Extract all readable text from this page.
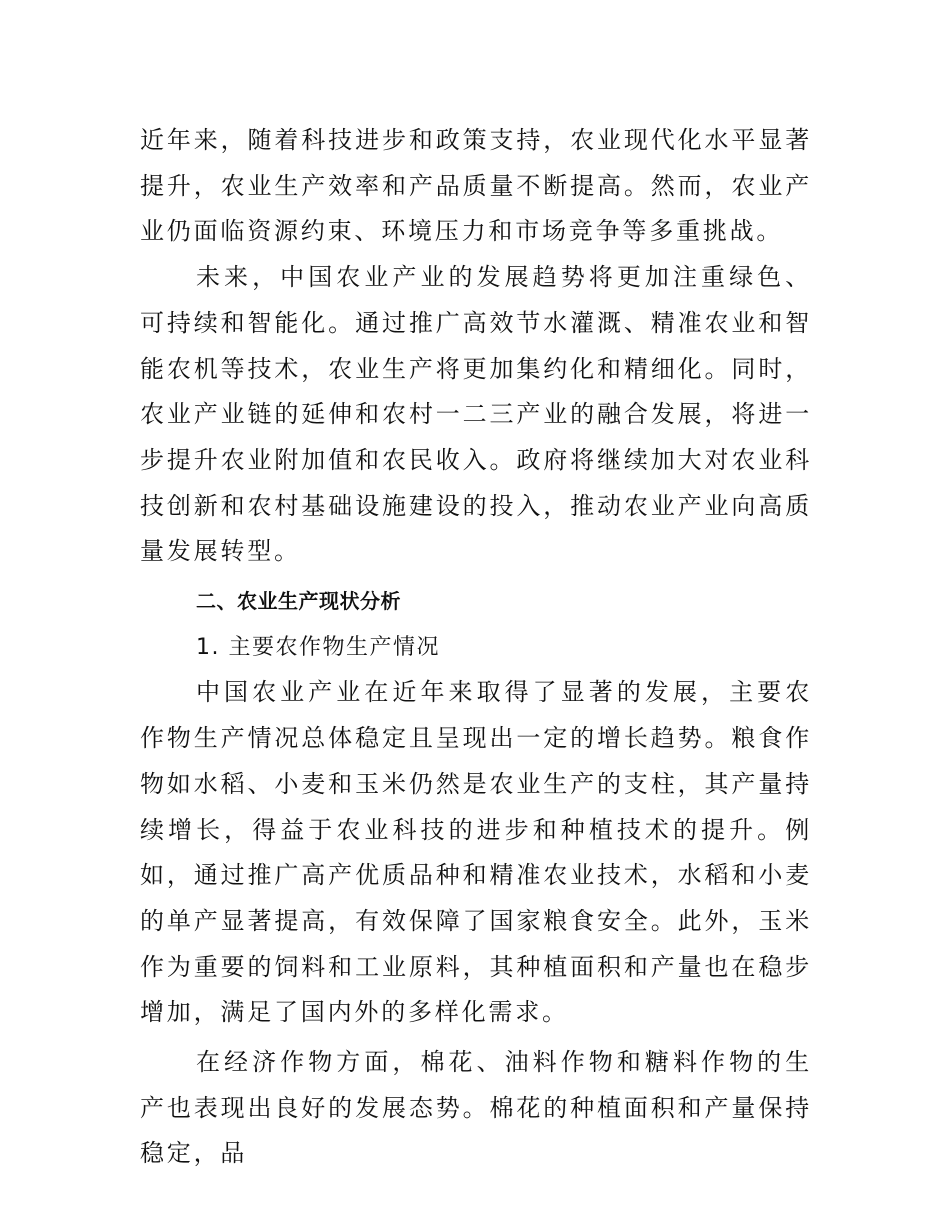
近年来，随着科技进步和政策支持，农业现代化水平显著提升，农业生产效率和产品质量不断提高。然而，农业产业仍面临资源约束、环境压力和市场竞争等多重挑战。

未来，中国农业产业的发展趋势将更加注重绿色、可持续和智能化。通过推广高效节水灌溉、精准农业和智能农机等技术，农业生产将更加集约化和精细化。同时，农业产业链的延伸和农村一二三产业的融合发展，将进一步提升农业附加值和农民收入。政府将继续加大对农业科技创新和农村基础设施建设的投入，推动农业产业向高质量发展转型。

二、农业生产现状分析

1. 主要农作物生产情况

中国农业产业在近年来取得了显著的发展，主要农作物生产情况总体稳定且呈现出一定的增长趋势。粮食作物如水稻、小麦和玉米仍然是农业生产的支柱，其产量持续增长，得益于农业科技的进步和种植技术的提升。例如，通过推广高产优质品种和精准农业技术，水稻和小麦的单产显著提高，有效保障了国家粮食安全。此外，玉米作为重要的饲料和工业原料，其种植面积和产量也在稳步增加，满足了国内外的多样化需求。

在经济作物方面，棉花、油料作物和糖料作物的生产也表现出良好的发展态势。棉花的种植面积和产量保持稳定，品
